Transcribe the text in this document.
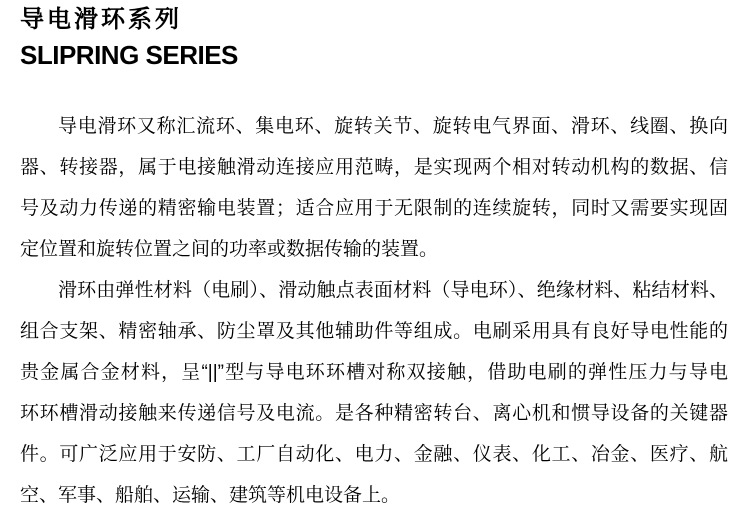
导电滑环系列
SLIPRING SERIES
导电滑环又称汇流环、集电环、旋转关节、旋转电气界面、滑环、线圈、换向
器、转接器，属于电接触滑动连接应用范畴，是实现两个相对转动机构的数据、信
号及动力传递的精密输电装置；适合应用于无限制的连续旋转，同时又需要实现固
定位置和旋转位置之间的功率或数据传输的装置。
滑环由弹性材料（电刷）、滑动触点表面材料（导电环）、绝缘材料、粘结材料、
组合支架、精密轴承、防尘罩及其他辅助件等组成。电刷采用具有良好导电性能的
贵金属合金材料，呈“||”型与导电环环槽对称双接触，借助电刷的弹性压力与导电
环环槽滑动接触来传递信号及电流。是各种精密转台、离心机和惯导设备的关键器
件。可广泛应用于安防、工厂自动化、电力、金融、仪表、化工、冶金、医疗、航
空、军事、船舶、运输、建筑等机电设备上。
